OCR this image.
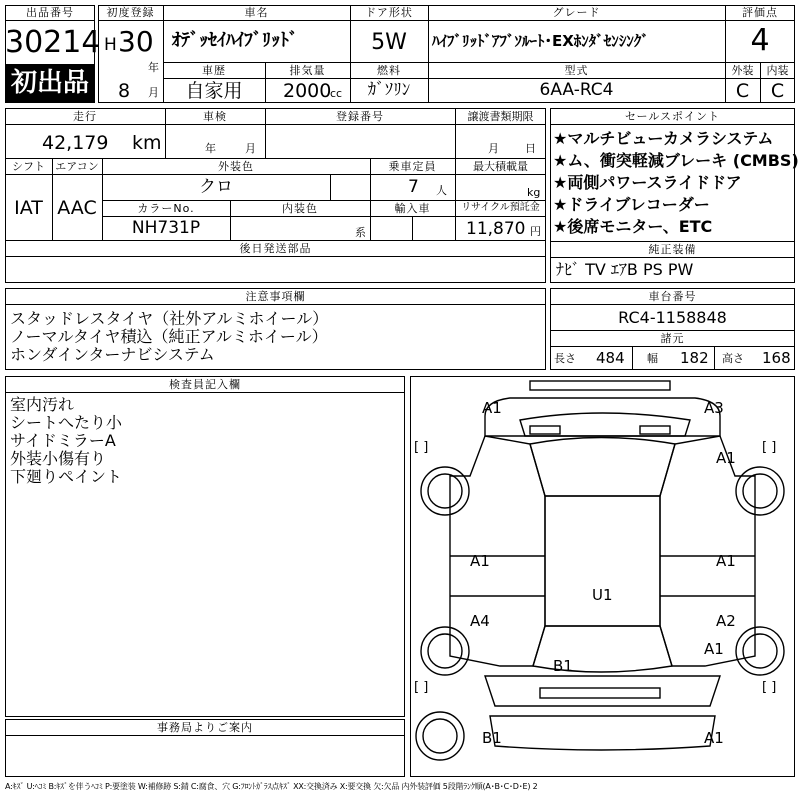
出品番号
30214
初出品
初度登録
H 30
年
8 月
車名
ｵﾃﾞｯｾｲﾊｲﾌﾞﾘｯﾄﾞ
ドア形状
5W
グレード
ﾊｲﾌﾞﾘｯﾄﾞｱﾌﾞｿﾙｰﾄ･EXﾎﾝﾀﾞｾﾝｼﾝｸﾞ
評価点
4
外装	内装
C	C
車歴
自家用
排気量
2000
cc
燃料
ｶﾞｿﾘﾝ
型式
6AA-RC4
走行
42,179 km
車検
年	月
登録番号	譲渡書類期限
月 日
シフト
IAT
エアコン
AAC
外装色
クロ
乗車定員
7 人
最大積載量
kg
カラーNo.
NH731P
内装色
系
輸入車	リサイクル預託金
11,870 円
後日発送部品
セールスポイント
★マルチビューカメラシステム
★ム、衝突軽減ブレーキ (CMBS)
★両側パワースライドドア
★ドライブレコーダー
★後席モニター、ETC
純正装備
ﾅﾋﾞ TV ｴｱB PS PW
注意事項欄
スタッドレスタイヤ（社外アルミホイール）
ノーマルタイヤ積込（純正アルミホイール）
ホンダインターナビシステム
車台番号
RC4-1158848
諸元
長さ 484 幅 182 高さ 168
検査員記入欄
室内汚れ
シートへたり小
サイドミラーA
外装小傷有り
下廻りペイント
事務局よりご案内
A1	A3
A1
A1	A1
U1
A4	A2
A1
B1
B1	A1
[ ]	[ ]
[ ]	[ ]
A:ｷｽﾞ U:ﾍｺﾐ B:ｷｽﾞを伴うﾍｺﾐ P:要塗装 W:補修跡 S:錆 C:腐食、穴 G:ﾌﾛﾝﾄｶﾞﾗｽ点ｷｽﾞ XX:交換済み X:要交換 欠:欠品 内外装評価 5段階ﾗﾝｸ順(A･B･C･D･E) 2
